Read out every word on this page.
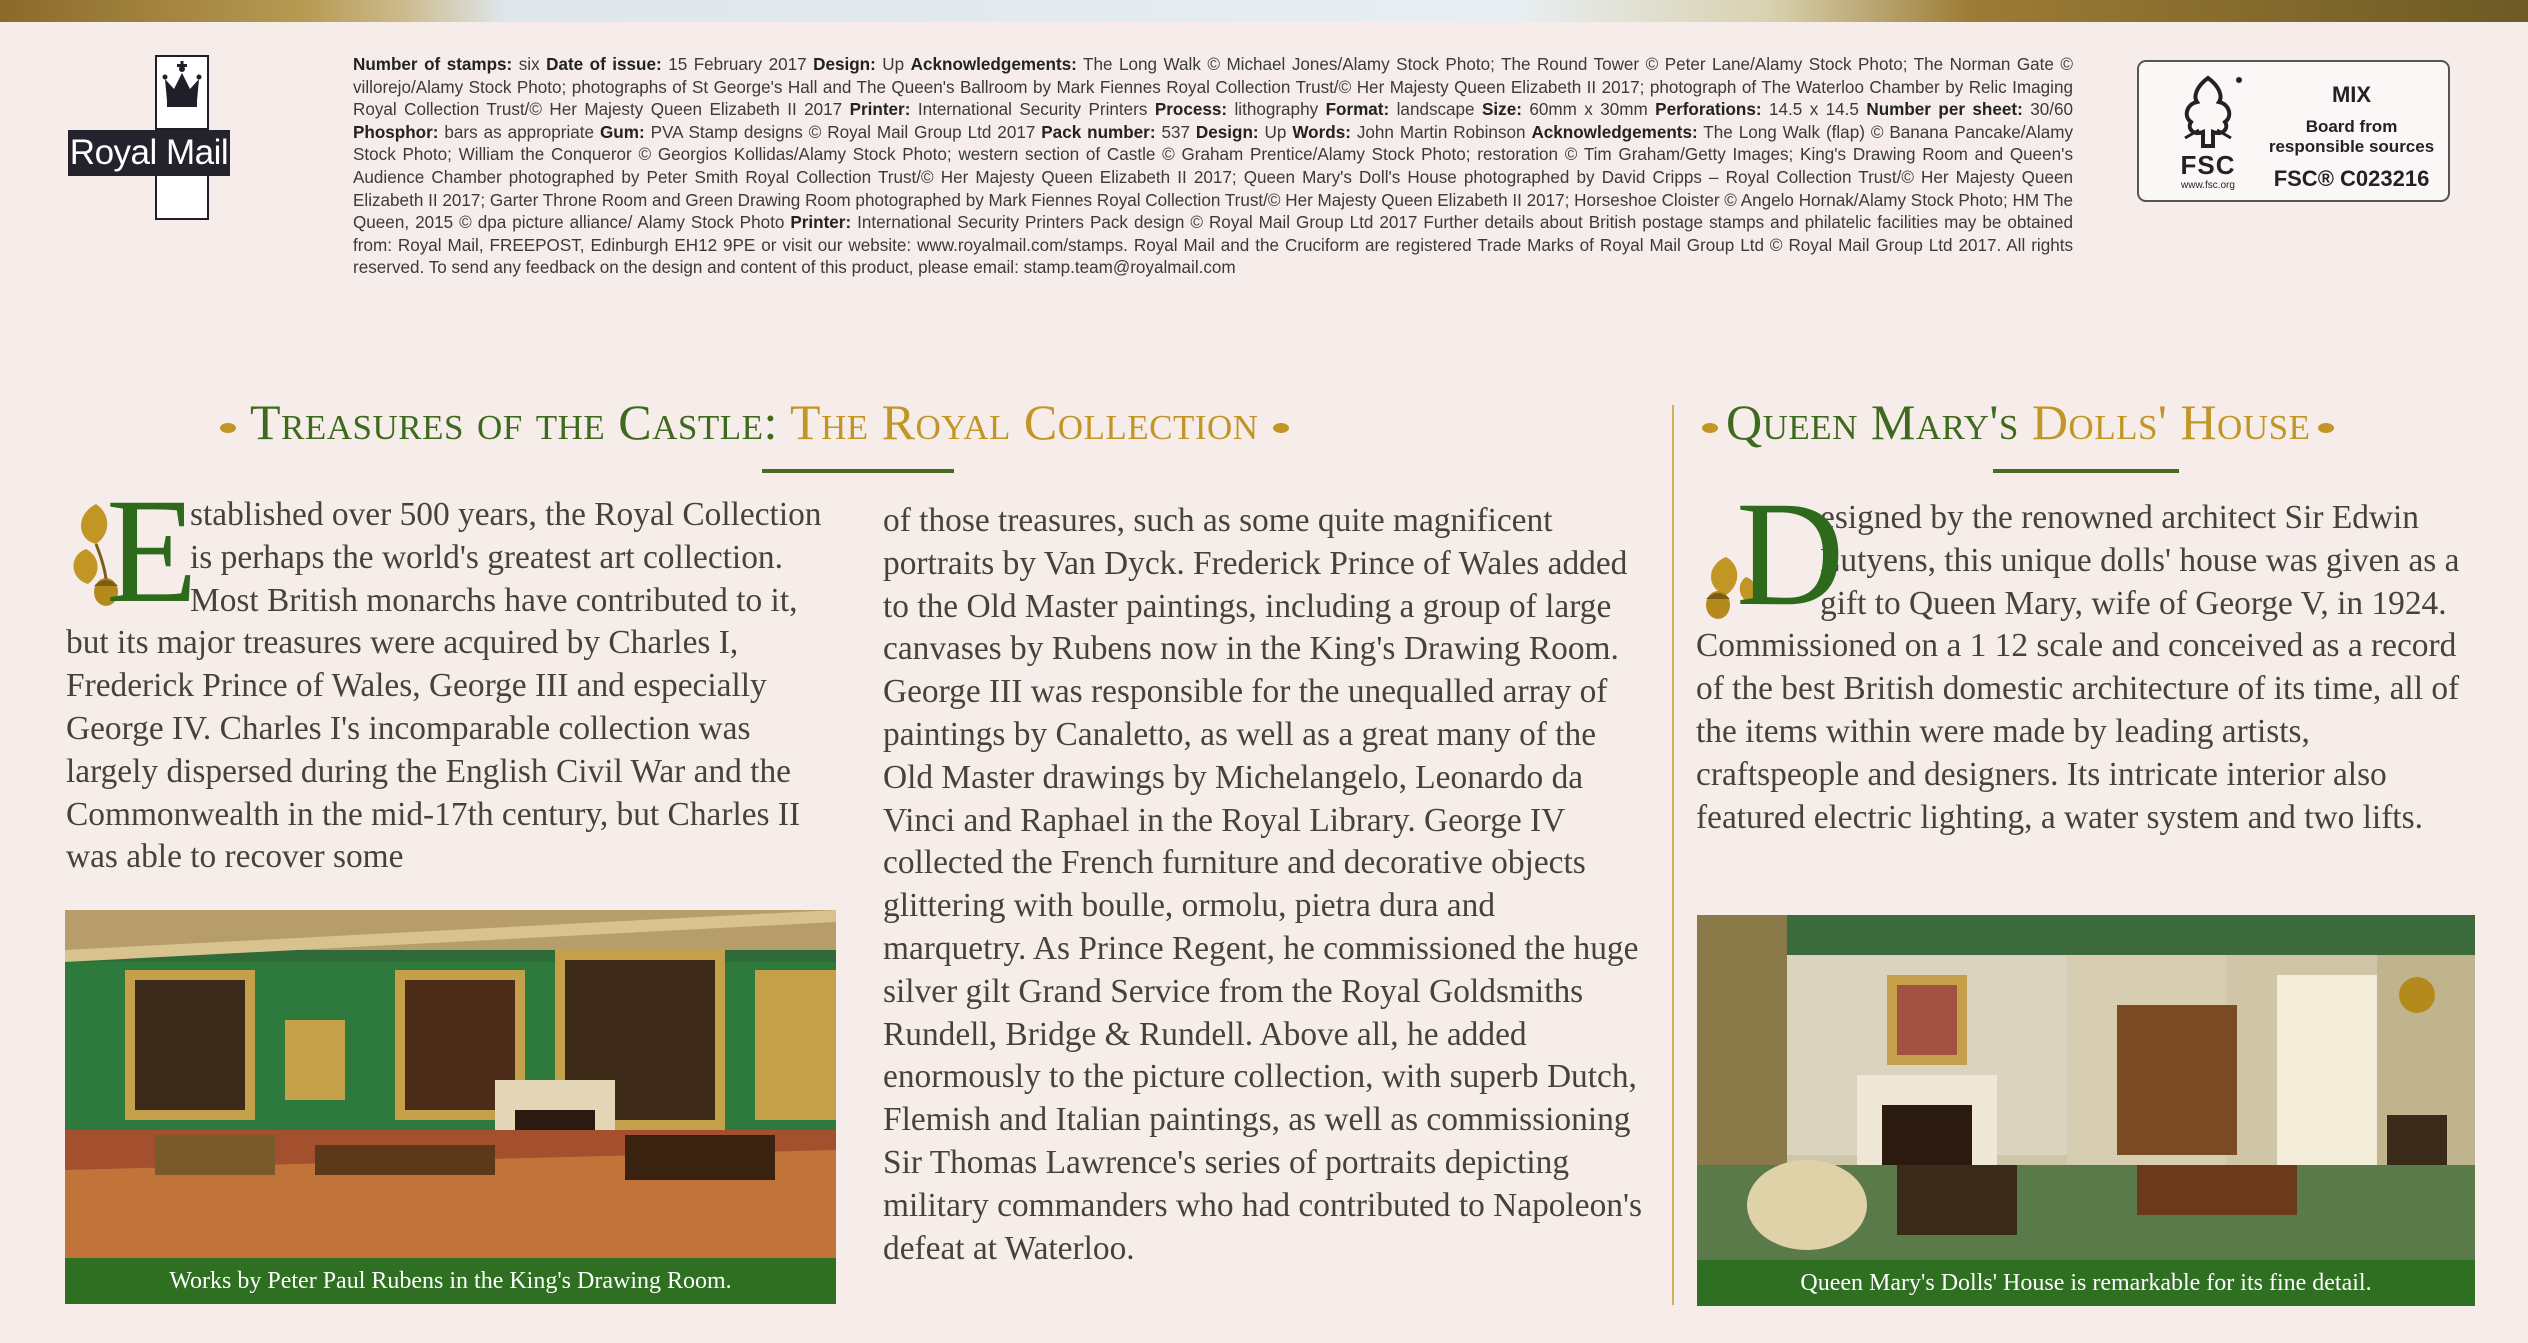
Royal Mail
Number of stamps: six Date of issue: 15 February 2017 Design: Up Acknowledgements: The Long Walk © Michael Jones/Alamy Stock Photo; The Round Tower © Peter Lane/Alamy Stock Photo; The Norman Gate © villorejo/Alamy Stock Photo; photographs of St George's Hall and The Queen's Ballroom by Mark Fiennes Royal Collection Trust/© Her Majesty Queen Elizabeth II 2017; photograph of The Waterloo Chamber by Relic Imaging Royal Collection Trust/© Her Majesty Queen Elizabeth II 2017 Printer: International Security Printers Process: lithography Format: landscape Size: 60mm x 30mm Perforations: 14.5 x 14.5 Number per sheet: 30/60 Phosphor: bars as appropriate Gum: PVA Stamp designs © Royal Mail Group Ltd 2017 Pack number: 537 Design: Up Words: John Martin Robinson Acknowledgements: The Long Walk (flap) © Banana Pancake/Alamy Stock Photo; William the Conqueror © Georgios Kollidas/Alamy Stock Photo; western section of Castle © Graham Prentice/Alamy Stock Photo; restoration © Tim Graham/Getty Images; King's Drawing Room and Queen's Audience Chamber photographed by Peter Smith Royal Collection Trust/© Her Majesty Queen Elizabeth II 2017; Queen Mary's Doll's House photographed by David Cripps – Royal Collection Trust/© Her Majesty Queen Elizabeth II 2017; Garter Throne Room and Green Drawing Room photographed by Mark Fiennes Royal Collection Trust/© Her Majesty Queen Elizabeth II 2017; Horseshoe Cloister © Angelo Hornak/Alamy Stock Photo; HM The Queen, 2015 © dpa picture alliance/ Alamy Stock Photo Printer: International Security Printers Pack design © Royal Mail Group Ltd 2017 Further details about British postage stamps and philatelic facilities may be obtained from: Royal Mail, FREEPOST, Edinburgh EH12 9PE or visit our website: www.royalmail.com/stamps. Royal Mail and the Cruciform are registered Trade Marks of Royal Mail Group Ltd © Royal Mail Group Ltd 2017. All rights reserved. To send any feedback on the design and content of this product, please email: stamp.team@royalmail.com
FSC
www.fsc.org
MIX
Board from responsible sources
FSC® C023216
Treasures of the Castle: The Royal Collection	Queen Mary's Dolls' House
E
stablished over 500 years, the Royal Collection is perhaps the world's greatest art collection. Most British monarchs have contributed to it, but its major treasures were acquired by Charles I, Frederick Prince of Wales, George III and especially George IV. Charles I's incomparable collection was largely dispersed during the English Civil War and the Commonwealth in the mid-17th century, but Charles II was able to recover some
of those treasures, such as some quite magnificent portraits by Van Dyck. Frederick Prince of Wales added to the Old Master paintings, including a group of large canvases by Rubens now in the King's Drawing Room. George III was responsible for the unequalled array of paintings by Canaletto, as well as a great many of the Old Master drawings by Michelangelo, Leonardo da Vinci and Raphael in the Royal Library. George IV collected the French furniture and decorative objects glittering with boulle, ormolu, pietra dura and marquetry. As Prince Regent, he commissioned the huge silver gilt Grand Service from the Royal Goldsmiths Rundell, Bridge & Rundell. Above all, he added enormously to the picture collection, with superb Dutch, Flemish and Italian paintings, as well as commissioning Sir Thomas Lawrence's series of portraits depicting military commanders who had contributed to Napoleon's defeat at Waterloo.
Works by Peter Paul Rubens in the King's Drawing Room.
D
esigned by the renowned architect Sir Edwin Lutyens, this unique dolls' house was given as a gift to Queen Mary, wife of George V, in 1924. Commissioned on a 1 12 scale and conceived as a record of the best British domestic architecture of its time, all of the items within were made by leading artists, craftspeople and designers. Its intricate interior also featured electric lighting, a water system and two lifts.
Queen Mary's Dolls' House is remarkable for its fine detail.
